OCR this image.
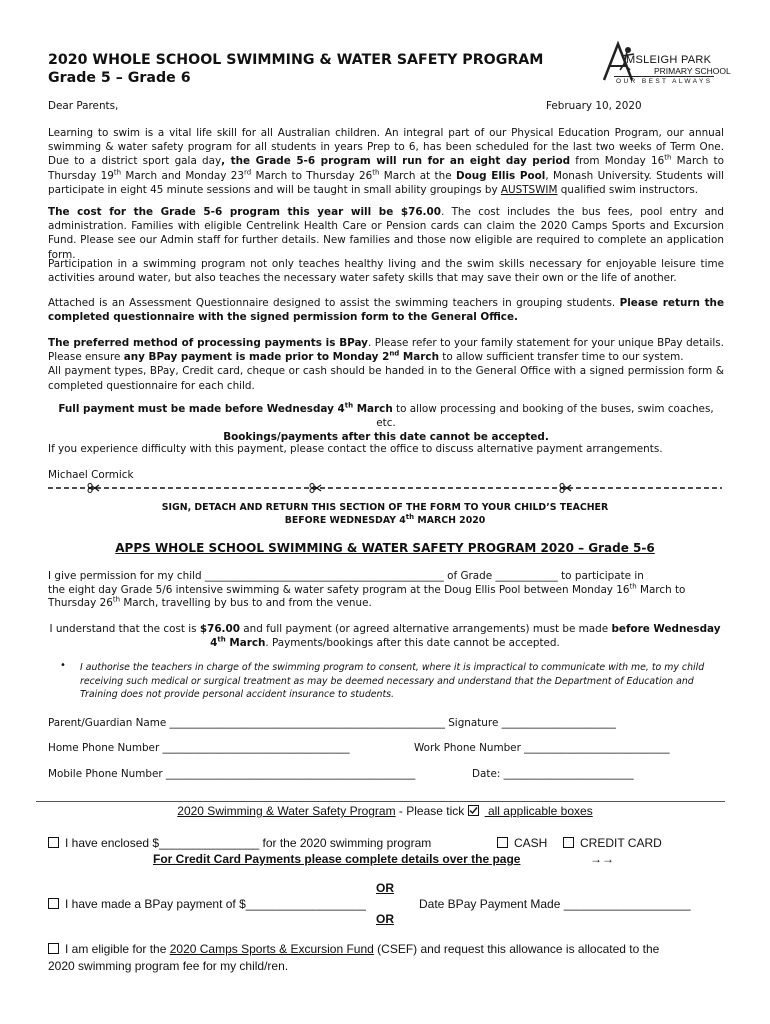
2020 WHOLE SCHOOL SWIMMING & WATER SAFETY PROGRAM
Grade 5 – Grade 6
MSLEIGH PARK
PRIMARY SCHOOL
OUR BEST ALWAYS
Dear Parents,	February 10, 2020
Learning to swim is a vital life skill for all Australian children. An integral part of our Physical Education Program, our annual swimming & water safety program for all students in years Prep to 6, has been scheduled for the last two weeks of Term One. Due to a district sport gala day, the Grade 5-6 program will run for an eight day period from Monday 16th March to Thursday 19th March and Monday 23rd March to Thursday 26th March at the Doug Ellis Pool, Monash University. Students will participate in eight 45 minute sessions and will be taught in small ability groupings by AUSTSWIM qualified swim instructors.
The cost for the Grade 5-6 program this year will be $76.00. The cost includes the bus fees, pool entry and administration. Families with eligible Centrelink Health Care or Pension cards can claim the 2020 Camps Sports and Excursion Fund. Please see our Admin staff for further details. New families and those now eligible are required to complete an application form.
Participation in a swimming program not only teaches healthy living and the swim skills necessary for enjoyable leisure time activities around water, but also teaches the necessary water safety skills that may save their own or the life of another.
Attached is an Assessment Questionnaire designed to assist the swimming teachers in grouping students. Please return the completed questionnaire with the signed permission form to the General Office.
The preferred method of processing payments is BPay. Please refer to your family statement for your unique BPay details. Please ensure any BPay payment is made prior to Monday 2nd March to allow sufficient transfer time to our system.
All payment types, BPay, Credit card, cheque or cash should be handed in to the General Office with a signed permission form & completed questionnaire for each child.
Full payment must be made before Wednesday 4th March to allow processing and booking of the buses, swim coaches, etc.
Bookings/payments after this date cannot be accepted.
If you experience difficulty with this payment, please contact the office to discuss alternative payment arrangements.
Michael Cormick
SIGN, DETACH AND RETURN THIS SECTION OF THE FORM TO YOUR CHILD’S TEACHER
BEFORE WEDNESDAY 4th MARCH 2020
APPS WHOLE SCHOOL SWIMMING & WATER SAFETY PROGRAM 2020 – Grade 5-6
I give permission for my child ______________________________________________ of Grade ____________ to participate in
the eight day Grade 5/6 intensive swimming & water safety program at the Doug Ellis Pool between Monday 16th March to
Thursday 26th March, travelling by bus to and from the venue.
I understand that the cost is $76.00 and full payment (or agreed alternative arrangements) must be made before Wednesday
4th March. Payments/bookings after this date cannot be accepted.
• I authorise the teachers in charge of the swimming program to consent, where it is impractical to communicate with me, to my child receiving such medical or surgical treatment as may be deemed necessary and understand that the Department of Education and Training does not provide personal accident insurance to students.
Parent/Guardian Name _____________________________________________________ Signature ______________________
Home Phone Number ____________________________________	Work Phone Number ____________________________
Mobile Phone Number ________________________________________________	Date: _________________________
2020 Swimming & Water Safety Program - Please tick
all applicable boxes
I have enclosed $_______________ for the 2020 swimming program	CASH	CREDIT CARD
For Credit Card Payments please complete details over the page	→→
OR
I have made a BPay payment of $__________________	Date BPay Payment Made ___________________
OR
I am eligible for the 2020 Camps Sports & Excursion Fund (CSEF) and request this allowance is allocated to the
2020 swimming program fee for my child/ren.
